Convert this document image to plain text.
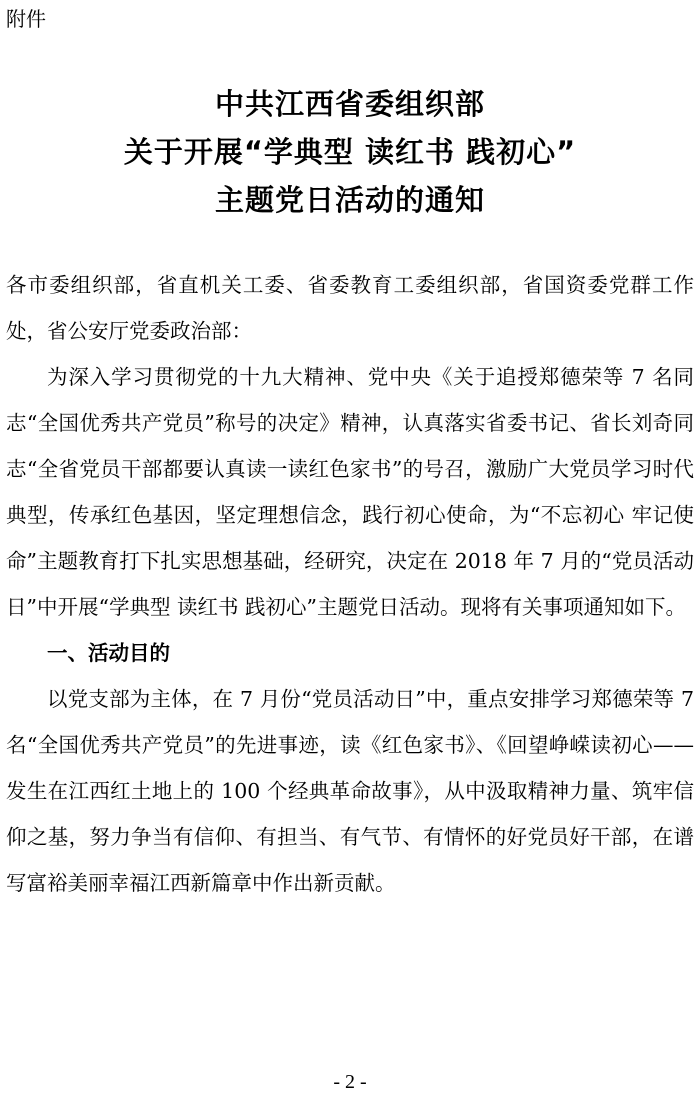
附件
中共江西省委组织部
关于开展“学典型 读红书 践初心”
主题党日活动的通知

各市委组织部，省直机关工委、省委教育工委组织部，省国资委党群工作处，省公安厅党委政治部：

为深入学习贯彻党的十九大精神、党中央《关于追授郑德荣等 7 名同志“全国优秀共产党员”称号的决定》精神，认真落实省委书记、省长刘奇同志“全省党员干部都要认真读一读红色家书”的号召，激励广大党员学习时代典型，传承红色基因，坚定理想信念，践行初心使命，为“不忘初心 牢记使命”主题教育打下扎实思想基础，经研究，决定在 2018 年 7 月的“党员活动日”中开展“学典型 读红书 践初心”主题党日活动。现将有关事项通知如下。

一、活动目的

以党支部为主体，在 7 月份“党员活动日”中，重点安排学习郑德荣等 7 名“全国优秀共产党员”的先进事迹，读《红色家书》、《回望峥嵘读初心——发生在江西红土地上的 100 个经典革命故事》，从中汲取精神力量、筑牢信仰之基，努力争当有信仰、有担当、有气节、有情怀的好党员好干部，在谱写富裕美丽幸福江西新篇章中作出新贡献。

- 2 -
